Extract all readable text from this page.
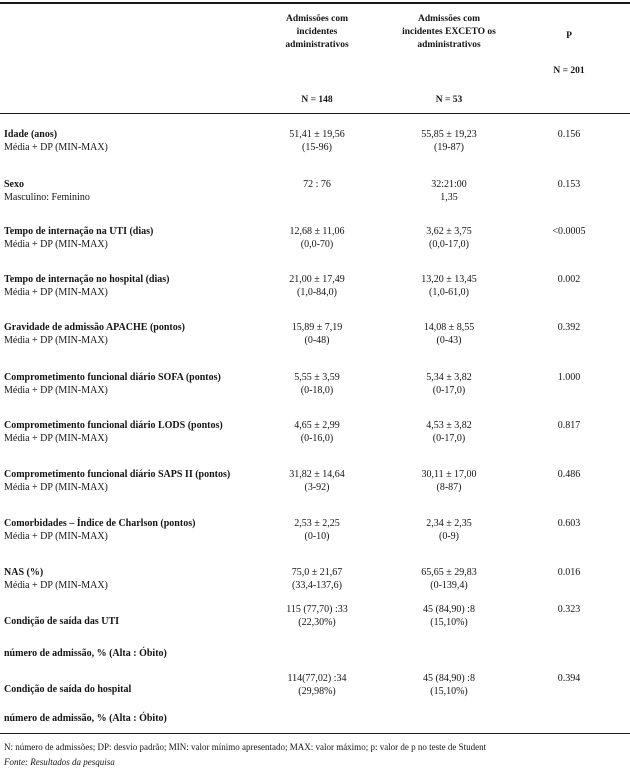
Admissões com
incidentes
administrativos
Admissões com
incidentes EXCETO os
administrativos
P
N = 201
N = 148	N = 53
Idade (anos)
Média + DP (MIN-MAX)
51,41 ± 19,56
(15-96)
55,85 ± 19,23
(19-87)
0.156
Sexo
Masculino: Feminino
72 : 76	32:21:00
1,35
0.153
Tempo de internação na UTI (dias)
Média + DP (MIN-MAX)
12,68 ± 11,06
(0,0-70)
3,62 ± 3,75
(0,0-17,0)
<0.0005
Tempo de internação no hospital (dias)
Média + DP (MIN-MAX)
21,00 ± 17,49
(1,0-84,0)
13,20 ± 13,45
(1,0-61,0)
0.002
Gravidade de admissão APACHE (pontos)
Média + DP (MIN-MAX)
15,89 ± 7,19
(0-48)
14,08 ± 8,55
(0-43)
0.392
Comprometimento funcional diário SOFA (pontos)
Média + DP (MIN-MAX)
5,55 ± 3,59
(0-18,0)
5,34 ± 3,82
(0-17,0)
1.000
Comprometimento funcional diário LODS (pontos)
Média + DP (MIN-MAX)
4,65 ± 2,99
(0-16,0)
4,53 ± 3,82
(0-17,0)
0.817
Comprometimento funcional diário SAPS II (pontos)
Média + DP (MIN-MAX)
31,82 ± 14,64
(3-92)
30,11 ± 17,00
(8-87)
0.486
Comorbidades – Índice de Charlson (pontos)
Média + DP (MIN-MAX)
2,53 ± 2,25
(0-10)
2,34 ± 2,35
(0-9)
0.603
NAS (%)
Média + DP (MIN-MAX)
75,0 ± 21,67
(33,4-137,6)
65,65 ± 29,83
(0-139,4)
0.016
Condição de saída das UTI
número de admissão, % (Alta : Óbito)
115 (77,70) :33
(22,30%)
45 (84,90) :8
(15,10%)
0.323
Condição de saída do hospital
número de admissão, % (Alta : Óbito)
114(77,02) :34
(29,98%)
45 (84,90) :8
(15,10%)
0.394
N: número de admissões; DP: desvio padrão; MIN: valor mínimo apresentado; MAX: valor máximo; p: valor de p no teste de Student
Fonte: Resultados da pesquisa
